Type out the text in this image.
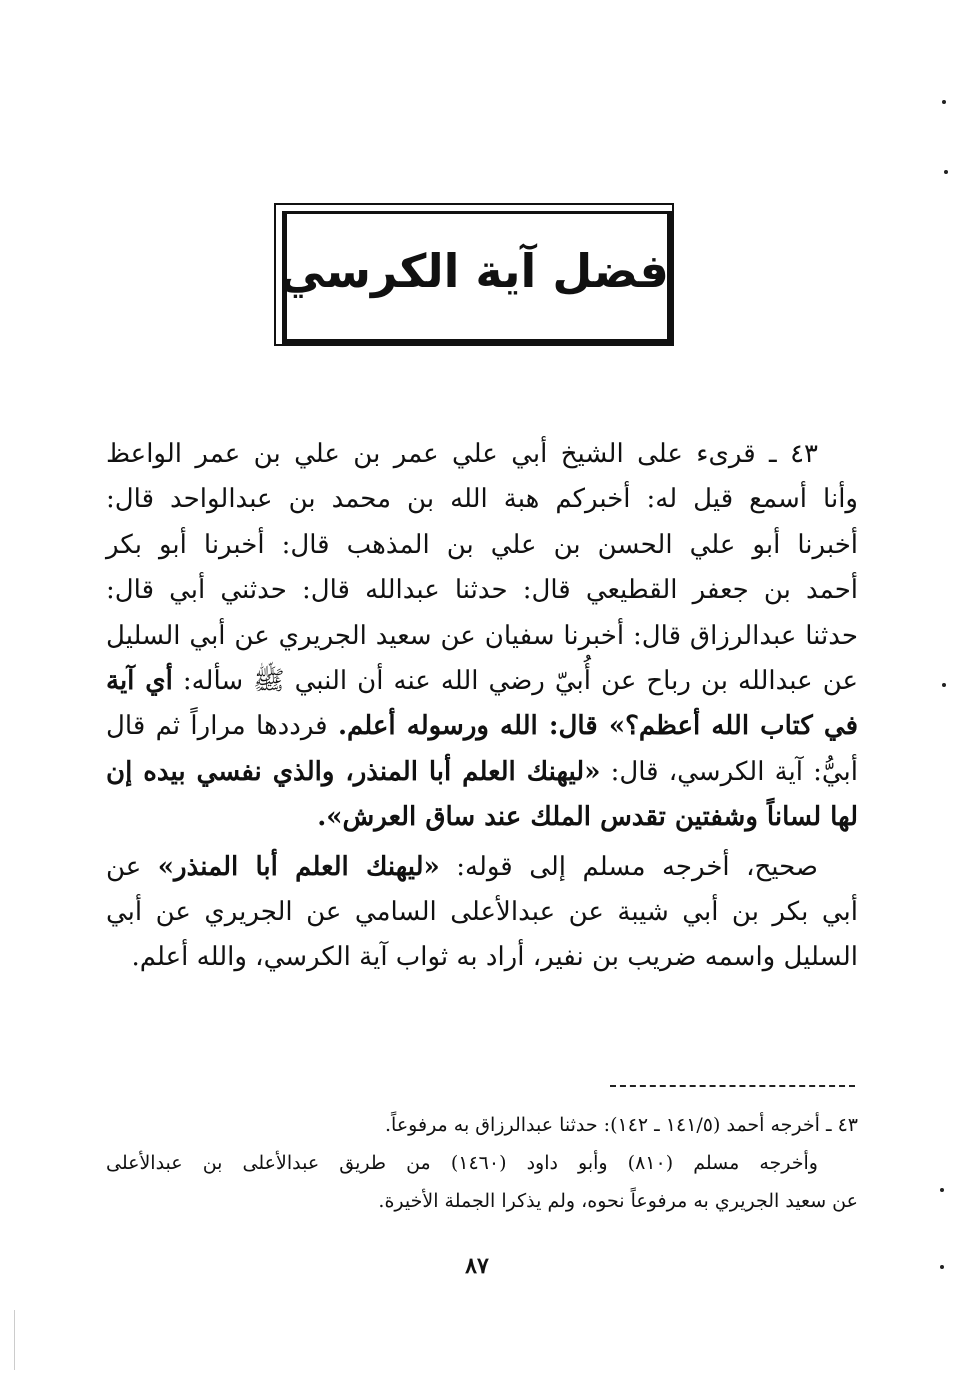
فضل آية الكرسي

٤٣ ـ قرىء على الشيخ أبي علي عمر بن علي بن عمر الواعظ
وأنا أسمع قيل له: أخبركم هبة الله بن محمد بن عبدالواحد قال:
أخبرنا أبو علي الحسن بن علي بن المذهب قال: أخبرنا أبو بكر
أحمد بن جعفر القطيعي قال: حدثنا عبدالله قال: حدثني أبي قال:
حدثنا عبدالرزاق قال: أخبرنا سفيان عن سعيد الجريري عن أبي السليل
عن عبدالله بن رباح عن أُبيّ رضي الله عنه أن النبي ﷺ سأله: أي آية
في كتاب الله أعظم؟» قال: الله ورسوله أعلم. فرددها مراراً ثم قال
أبيُّ: آية الكرسي، قال: «ليهنك العلم أبا المنذر، والذي نفسي بيده إن
لها لساناً وشفتين تقدس الملك عند ساق العرش».

صحيح، أخرجه مسلم إلى قوله: «ليهنك العلم أبا المنذر» عن
أبي بكر بن أبي شيبة عن عبدالأعلى السامي عن الجريري عن أبي
السليل واسمه ضريب بن نفير، أراد به ثواب آية الكرسي، والله أعلم.

٤٣ ـ أخرجه أحمد (١٤١/٥ ـ ١٤٢): حدثنا عبدالرزاق به مرفوعاً.
وأخرجه مسلم (٨١٠) وأبو داود (١٤٦٠) من طريق عبدالأعلى بن عبدالأعلى
عن سعيد الجريري به مرفوعاً نحوه، ولم يذكرا الجملة الأخيرة.
٨٧
